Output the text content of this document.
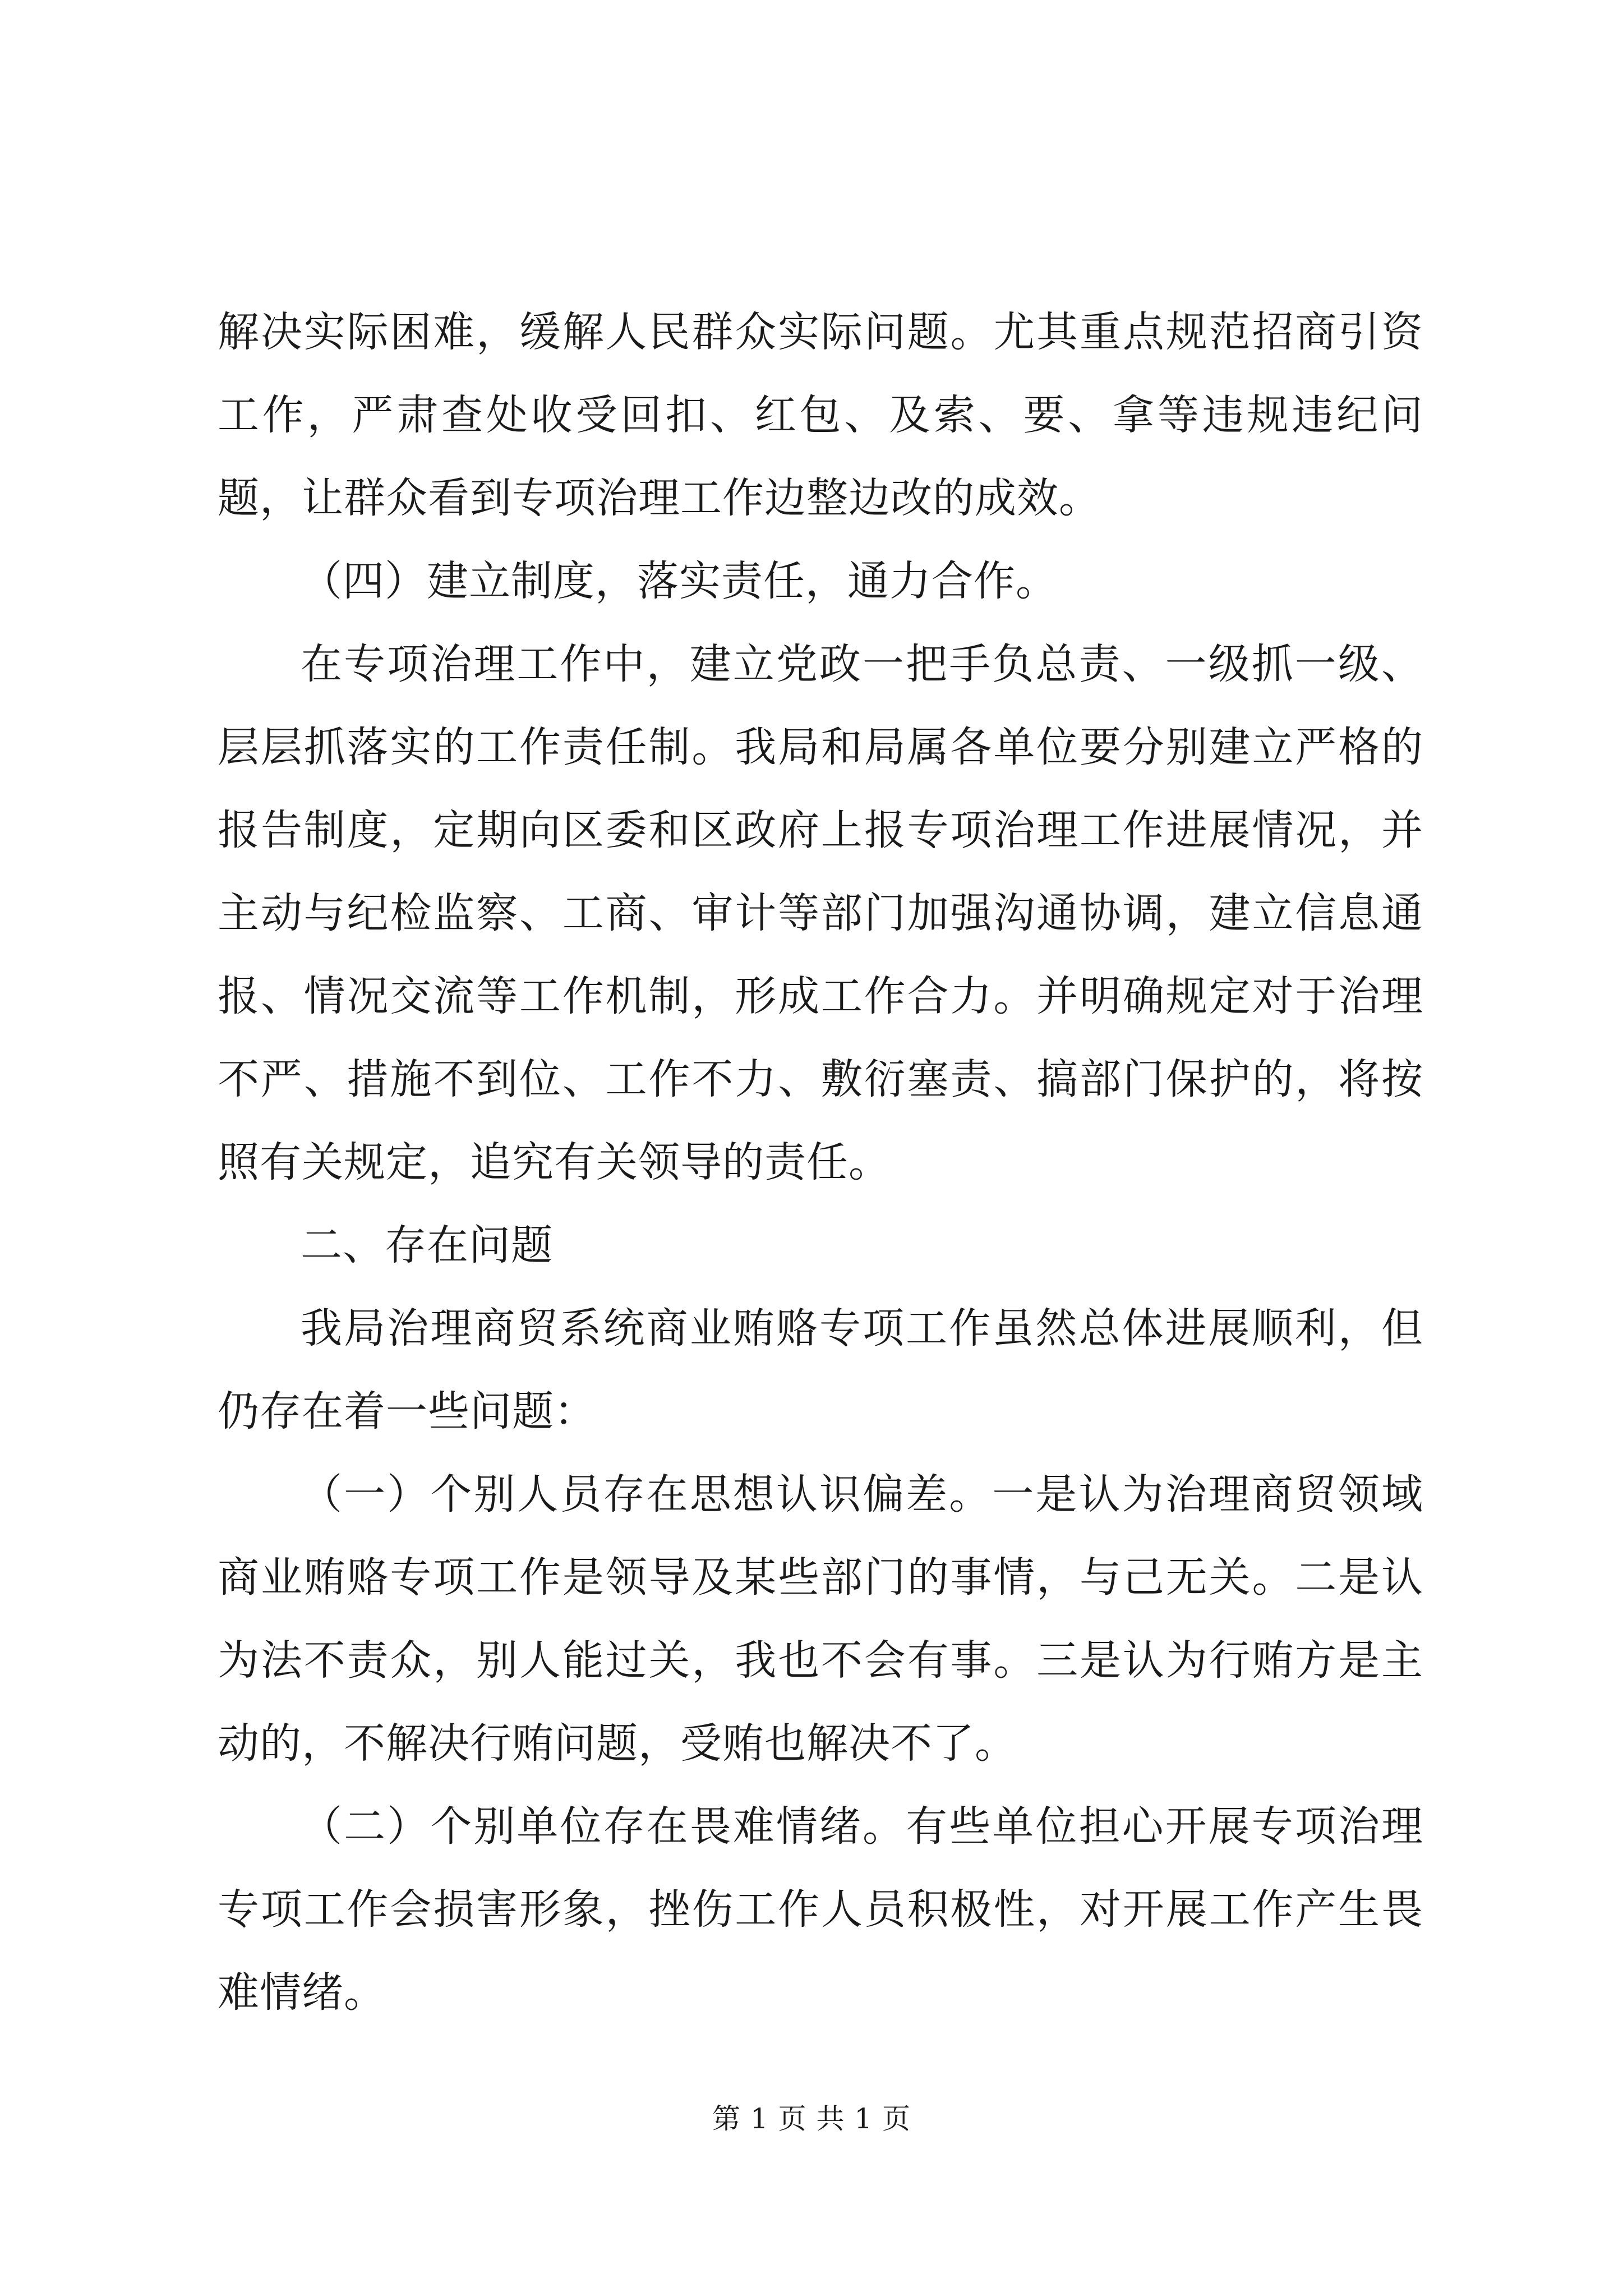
解决实际困难，缓解人民群众实际问题。尤其重点规范招商引资工作，严肃查处收受回扣、红包、及索、要、拿等违规违纪问题，让群众看到专项治理工作边整边改的成效。

（四）建立制度，落实责任，通力合作。

在专项治理工作中，建立党政一把手负总责、一级抓一级、层层抓落实的工作责任制。我局和局属各单位要分别建立严格的报告制度，定期向区委和区政府上报专项治理工作进展情况，并主动与纪检监察、工商、审计等部门加强沟通协调，建立信息通报、情况交流等工作机制，形成工作合力。并明确规定对于治理不严、措施不到位、工作不力、敷衍塞责、搞部门保护的，将按照有关规定，追究有关领导的责任。

二、存在问题

我局治理商贸系统商业贿赂专项工作虽然总体进展顺利，但仍存在着一些问题：

（一）个别人员存在思想认识偏差。一是认为治理商贸领域商业贿赂专项工作是领导及某些部门的事情，与己无关。二是认为法不责众，别人能过关，我也不会有事。三是认为行贿方是主动的，不解决行贿问题，受贿也解决不了。

（二）个别单位存在畏难情绪。有些单位担心开展专项治理专项工作会损害形象，挫伤工作人员积极性，对开展工作产生畏难情绪。

第 1 页 共 1 页
